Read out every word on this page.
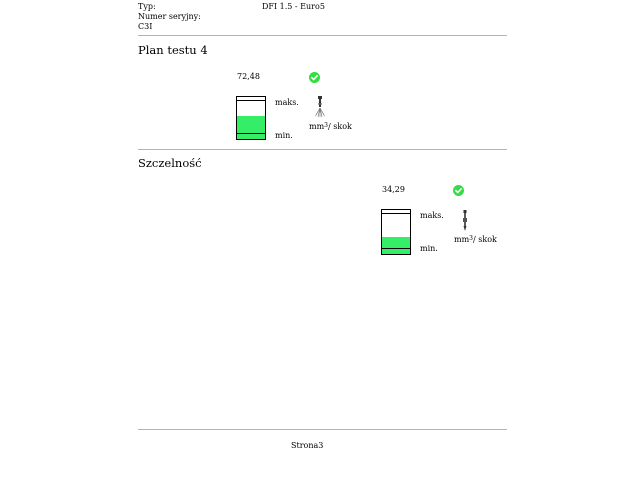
Typ:	DFI 1.5 - Euro5
Numer seryjny:
C3I
Plan testu 4
72,48
maks.
min.
$mm^3/$ skok
Szczelność
34,29
maks.
min.
$mm^3/$ skok
Strona3
